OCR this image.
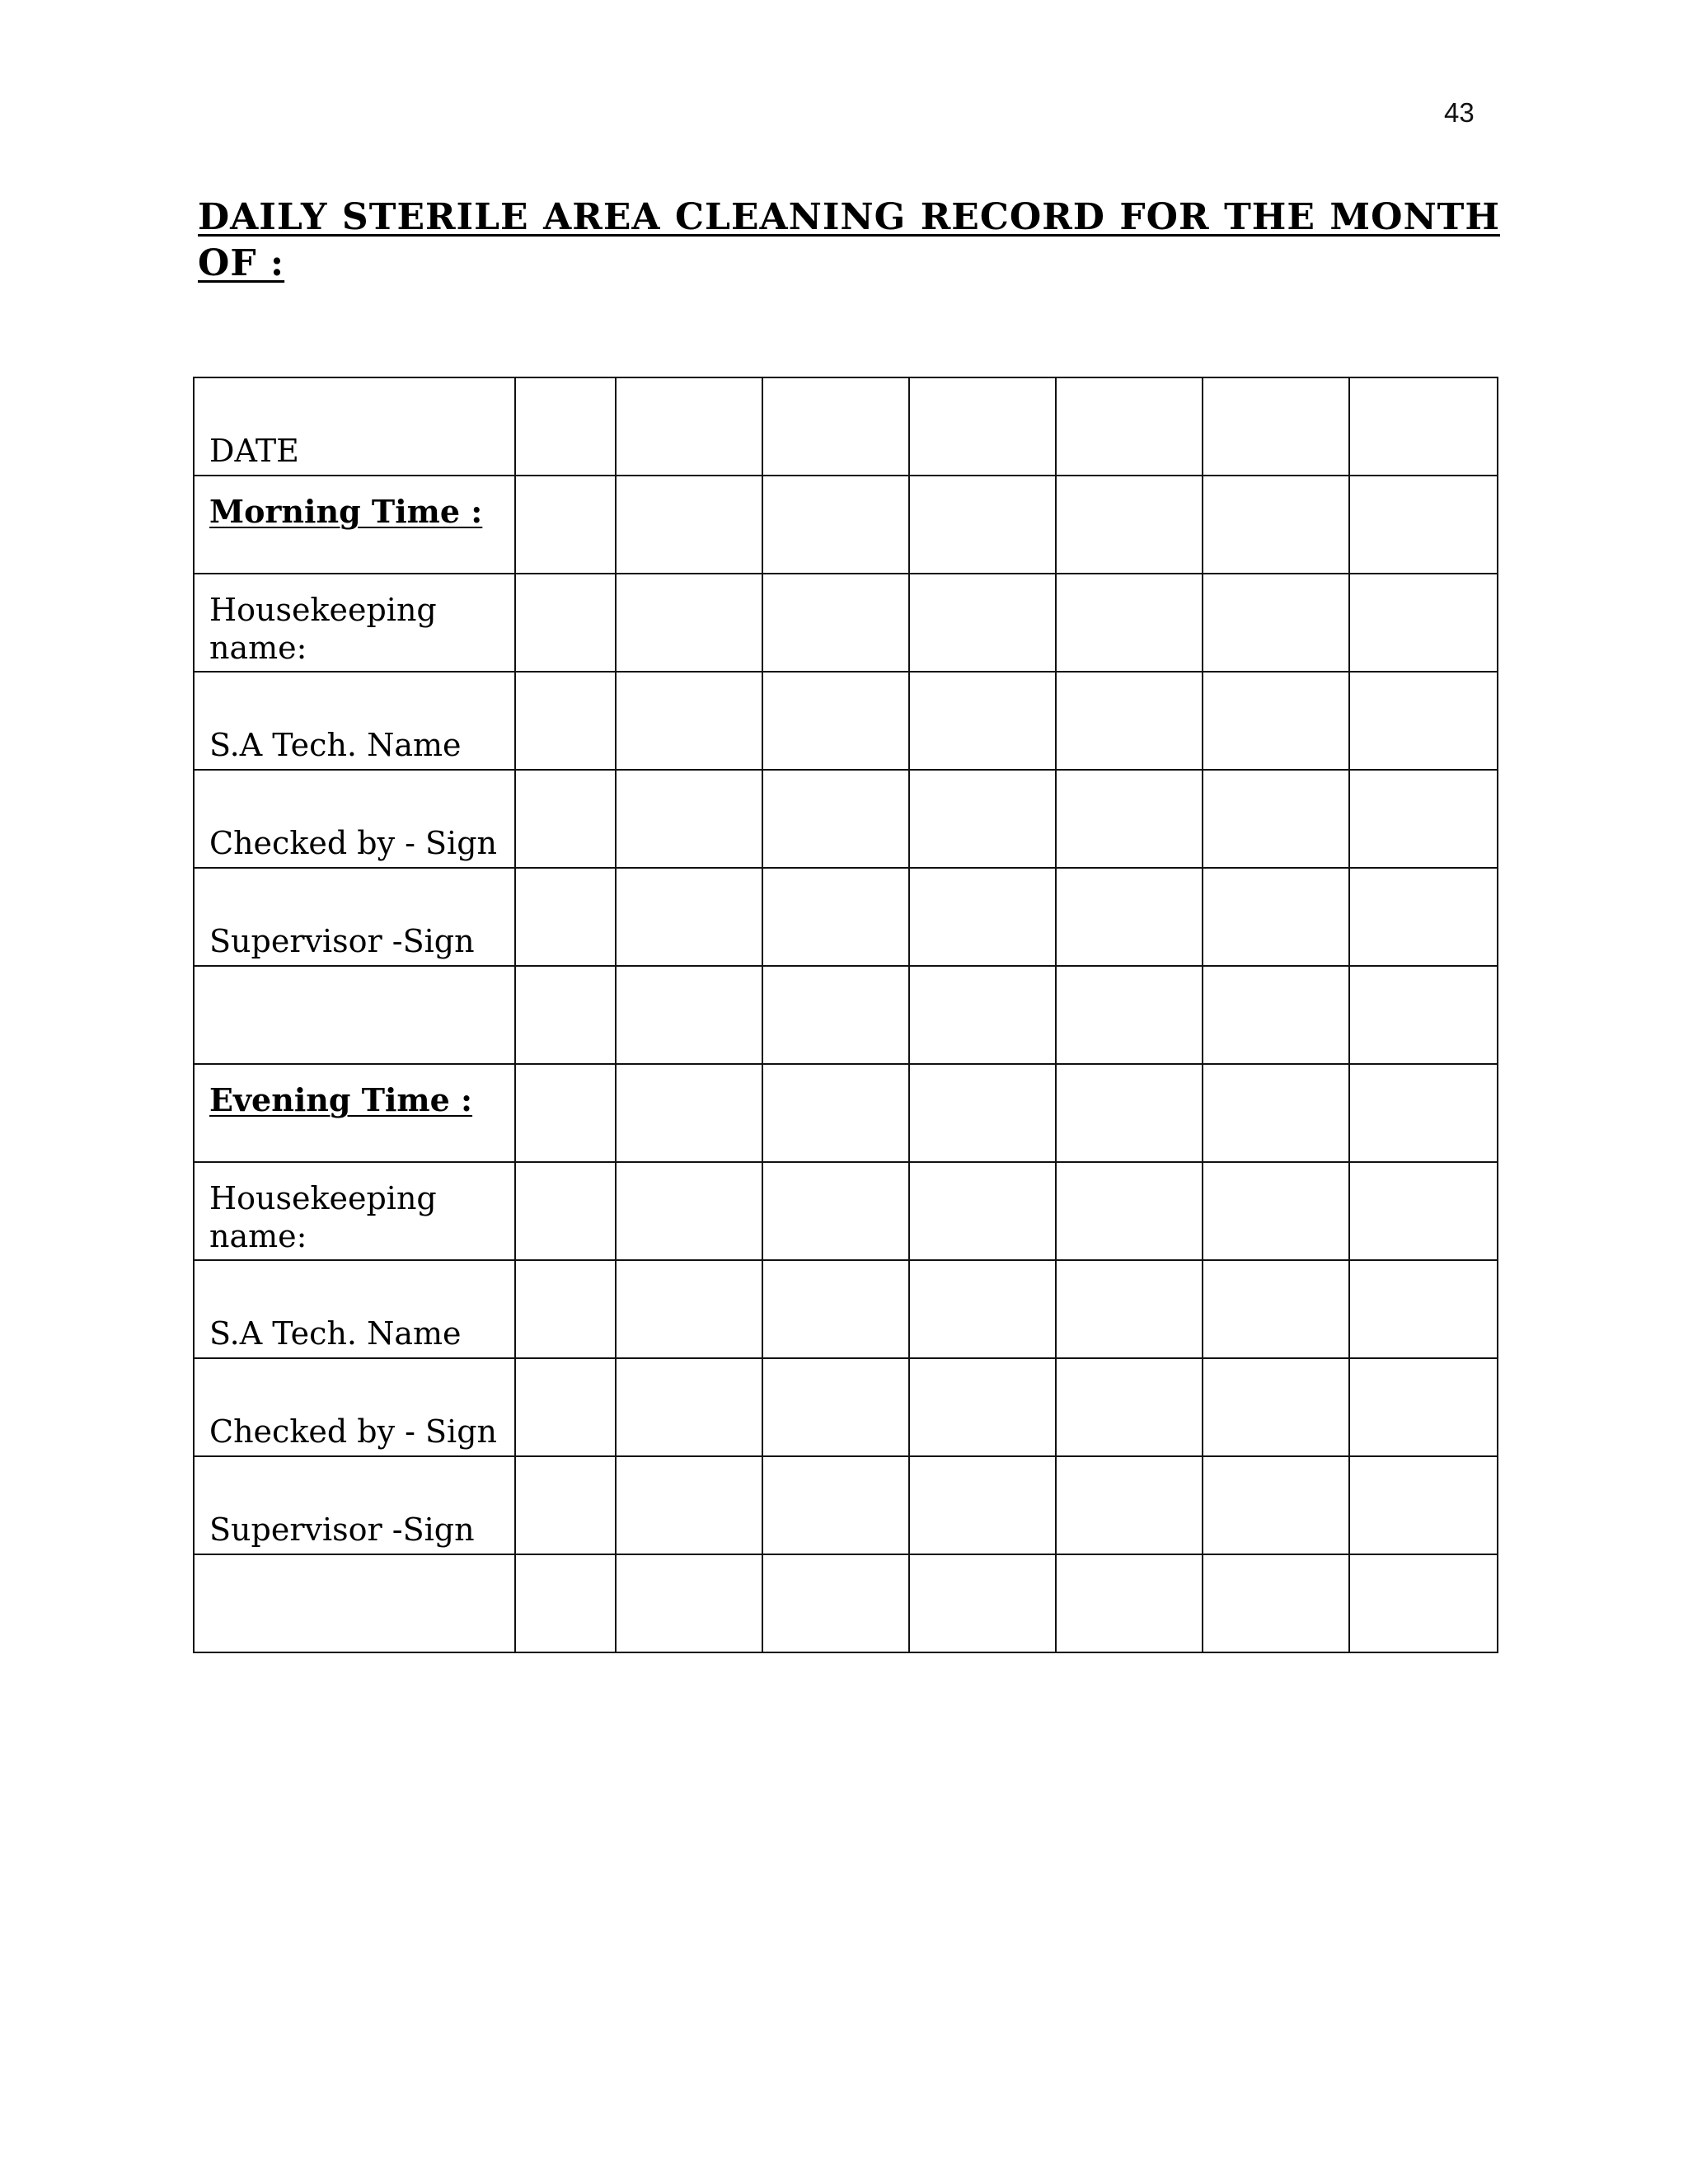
43
DAILY STERILE AREA CLEANING RECORD FOR THE MONTH OF :
DATE							
Morning Time :							
Housekeeping name:							
S.A Tech. Name							
Checked by - Sign							
Supervisor -Sign							

Evening Time :							
Housekeeping name:							
S.A Tech. Name							
Checked by - Sign							
Supervisor -Sign							
